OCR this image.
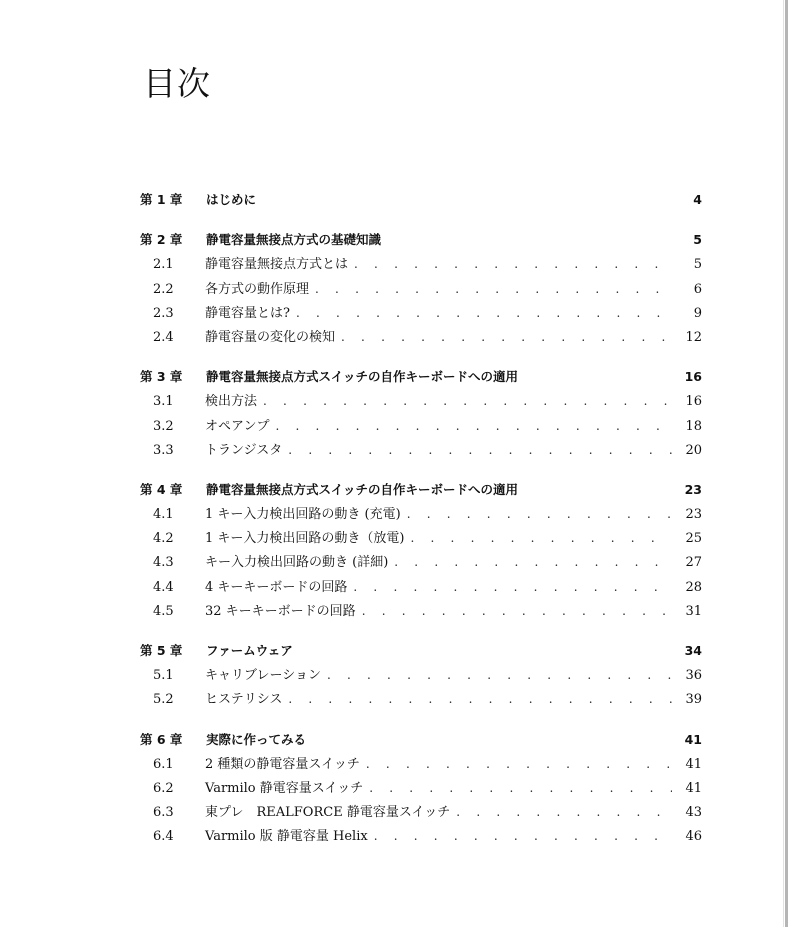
目次
第 1 章	はじめに	4
第 2 章	静電容量無接点方式の基礎知識	5
2.1	静電容量無接点方式とは . . .	5
2.2	各方式の動作原理 . . .	6
2.3	静電容量とは? . . .	9
2.4	静電容量の変化の検知 . . .	12
第 3 章	静電容量無接点方式スイッチの自作キーボードへの適用	16
3.1	検出方法 . . .	16
3.2	オペアンプ . . .	18
3.3	トランジスタ . . .	20
第 4 章	静電容量無接点方式スイッチの自作キーボードへの適用	23
4.1	1 キー入力検出回路の動き (充電) . . .	23
4.2	1 キー入力検出回路の動き（放電) . . .	25
4.3	キー入力検出回路の動き (詳細) . . .	27
4.4	4 キーキーボードの回路 . . .	28
4.5	32 キーキーボードの回路 . . .	31
第 5 章	ファームウェア	34
5.1	キャリブレーション . . .	36
5.2	ヒステリシス . . .	39
第 6 章	実際に作ってみる	41
6.1	2 種類の静電容量スイッチ . . .	41
6.2	Varmilo 静電容量スイッチ . . .	41
6.3	東プレ　REALFORCE 静電容量スイッチ . . .	43
6.4	Varmilo 版 静電容量 Helix . . .	46
